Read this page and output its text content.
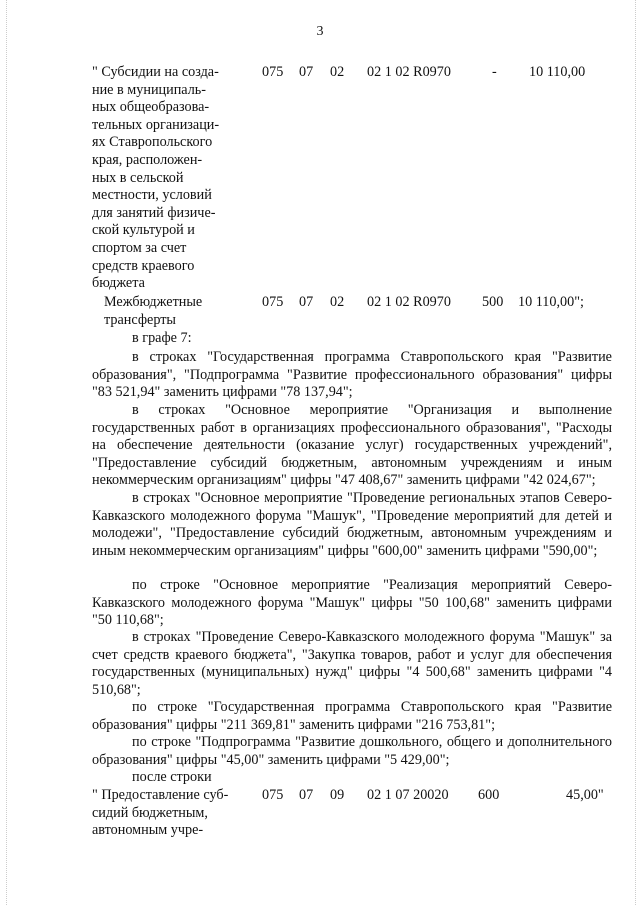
3
" Субсидии на созда-
ние в муниципаль-
ных общеобразова-
тельных организаци-
ях Ставропольского
края, расположен-
ных в сельской
местности, условий
для занятий физиче-
ской культурой и
спортом за счет
средств краевого
бюджета
075 07 02 02 1 02 R0970	- 10 110,00
Межбюджетные
трансферты
075 07 02 02 1 02 R0970 500 10 110,00";
в графе 7:
в строках "Государственная программа Ставропольского края "Развитие образования", "Подпрограмма "Развитие профессионального образования" цифры "83 521,94" заменить цифрами "78 137,94";
в строках "Основное мероприятие "Организация и выполнение государственных работ в организациях профессионального образования", "Расходы на обеспечение деятельности (оказание услуг) государственных учреждений", "Предоставление субсидий бюджетным, автономным учреждениям и иным некоммерческим организациям" цифры "47 408,67" заменить цифрами "42 024,67";
в строках "Основное мероприятие "Проведение региональных этапов Северо-Кавказского молодежного форума "Машук", "Проведение мероприятий для детей и молодежи", "Предоставление субсидий бюджетным, автономным учреждениям и иным некоммерческим организациям" цифры "600,00" заменить цифрами "590,00";
по строке "Основное мероприятие "Реализация мероприятий Северо-Кавказского молодежного форума "Машук" цифры "50 100,68" заменить цифрами "50 110,68";
в строках "Проведение Северо-Кавказского молодежного форума "Машук" за счет средств краевого бюджета", "Закупка товаров, работ и услуг для обеспечения государственных (муниципальных) нужд" цифры "4 500,68" заменить цифрами "4 510,68";
по строке "Государственная программа Ставропольского края "Развитие образования" цифры "211 369,81" заменить цифрами "216 753,81";
по строке "Подпрограмма "Развитие дошкольного, общего и дополнительного образования" цифры "45,00" заменить цифрами "5 429,00";
после строки
" Предоставление суб-
сидий бюджетным,
автономным учре-
075 07 09 02 1 07 20020 600	45,00"
